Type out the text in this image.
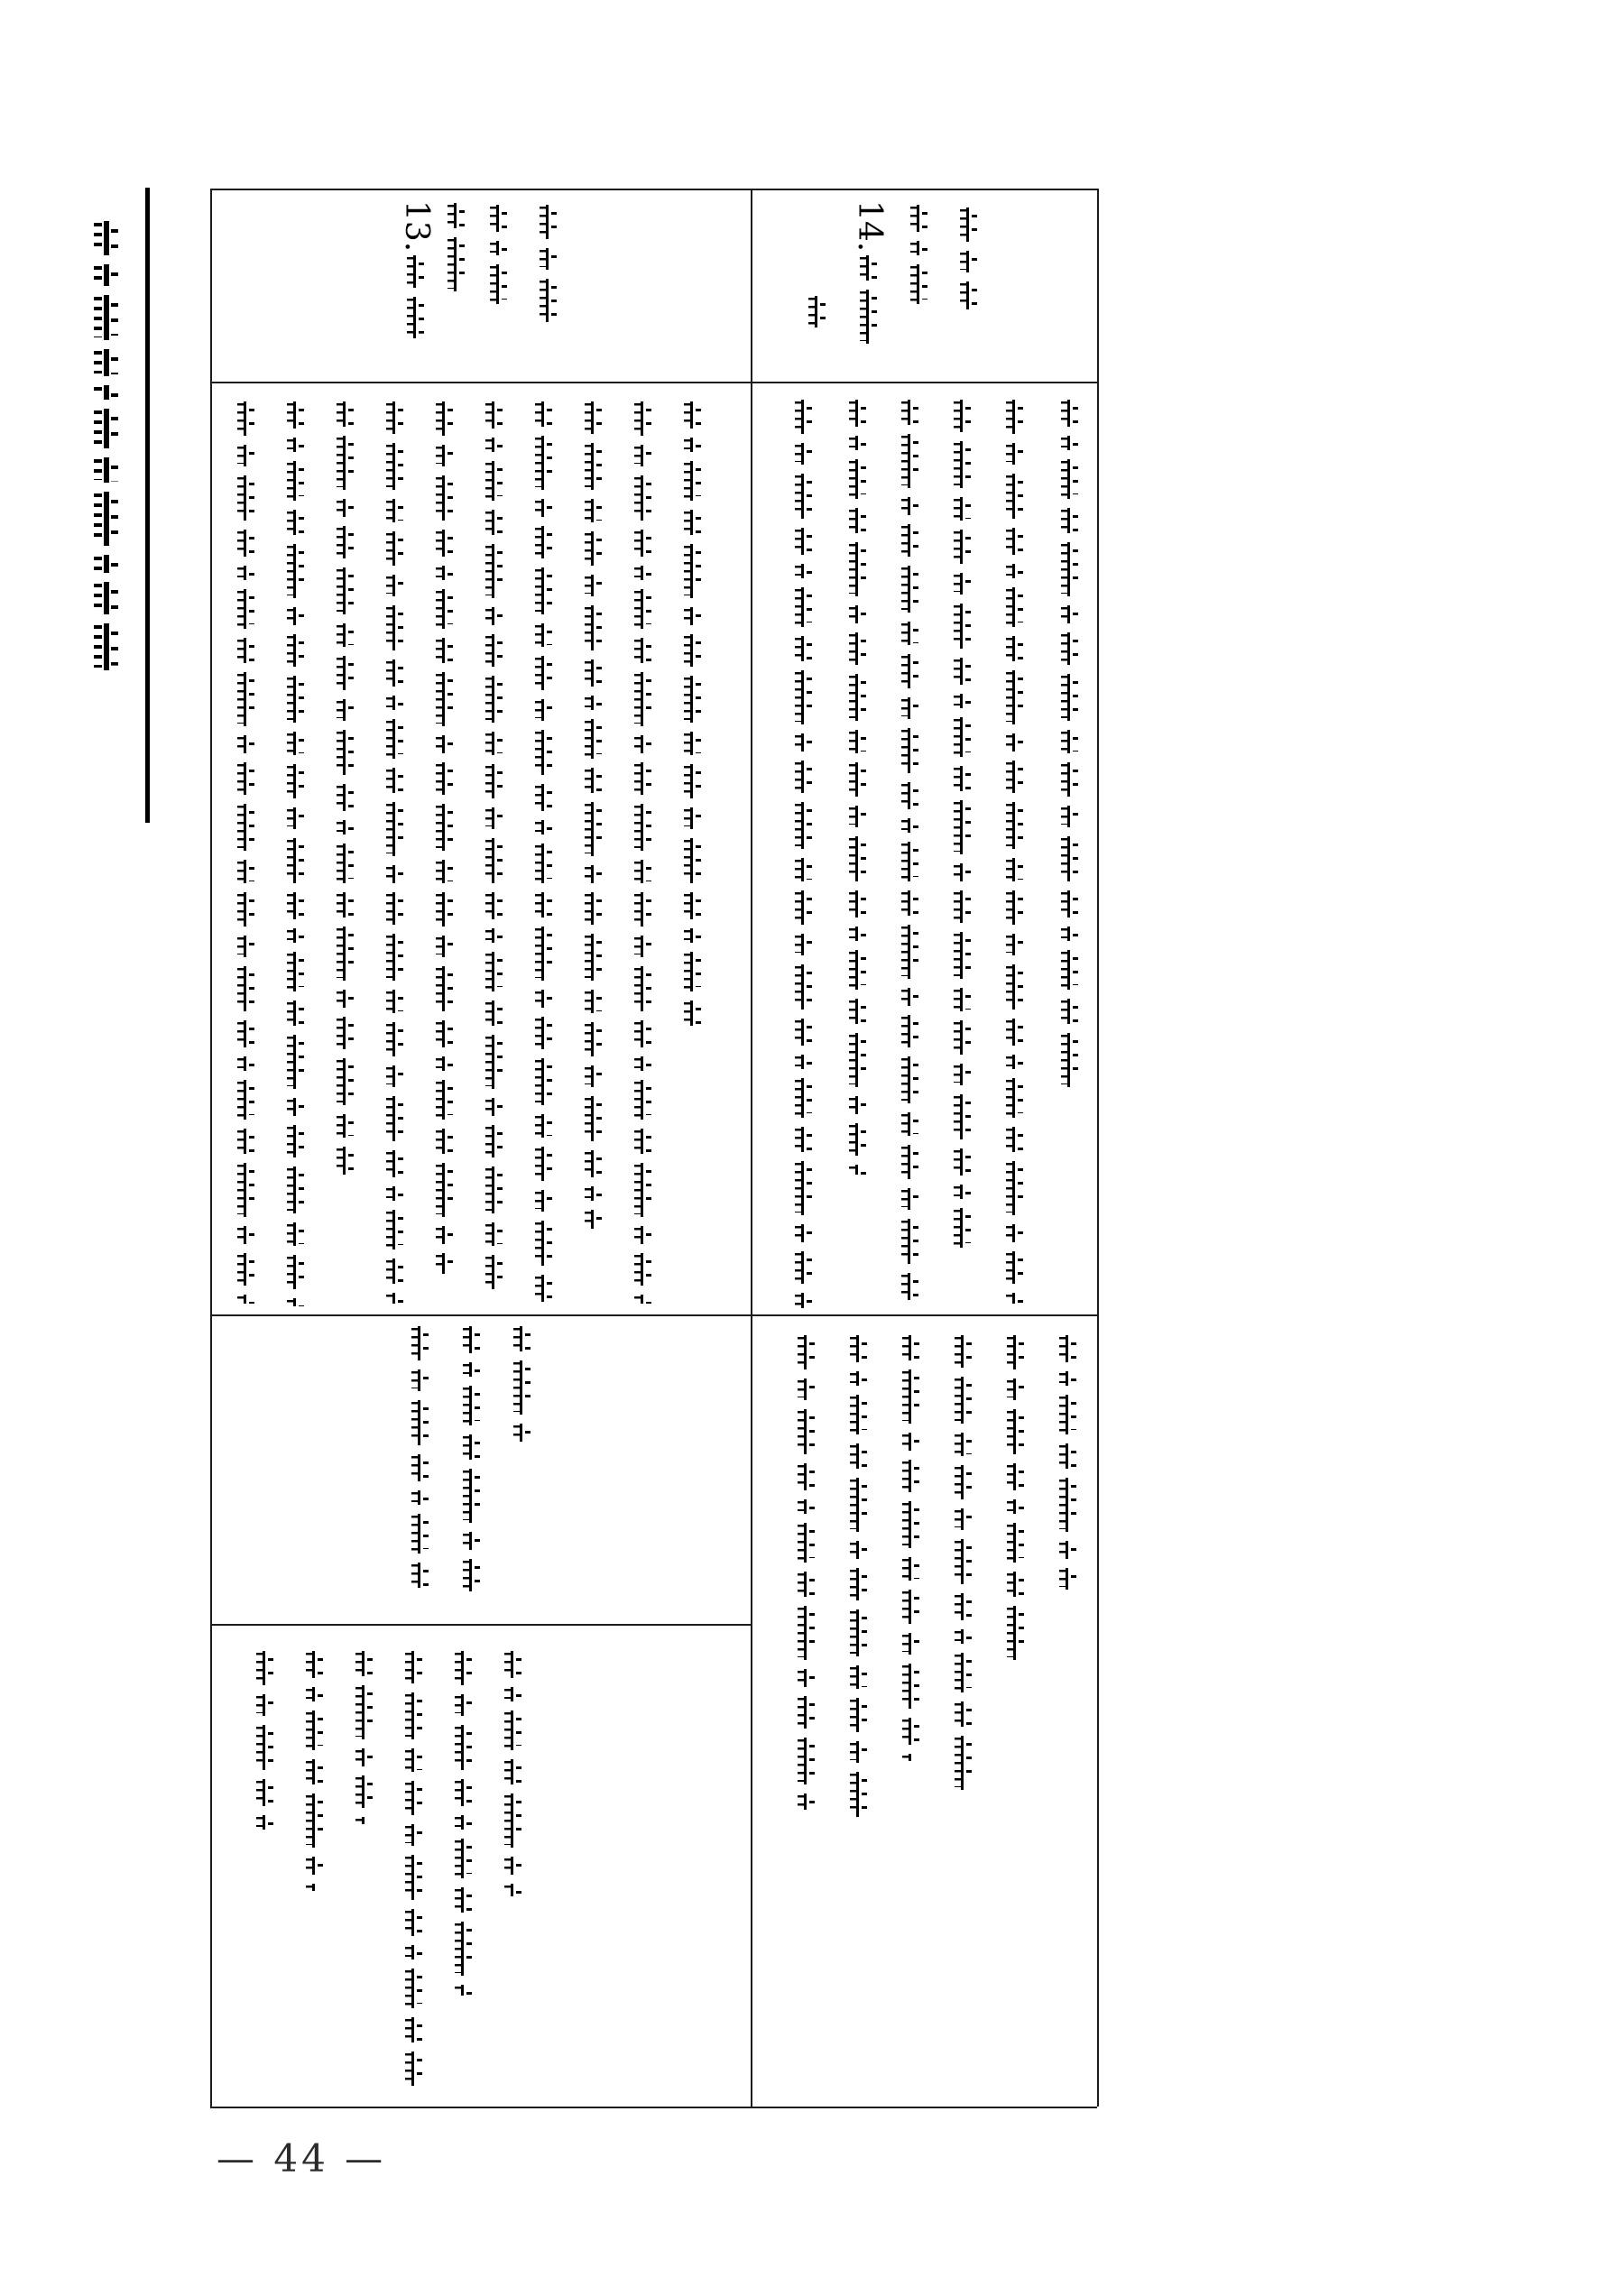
13.	14.
— 44 —
